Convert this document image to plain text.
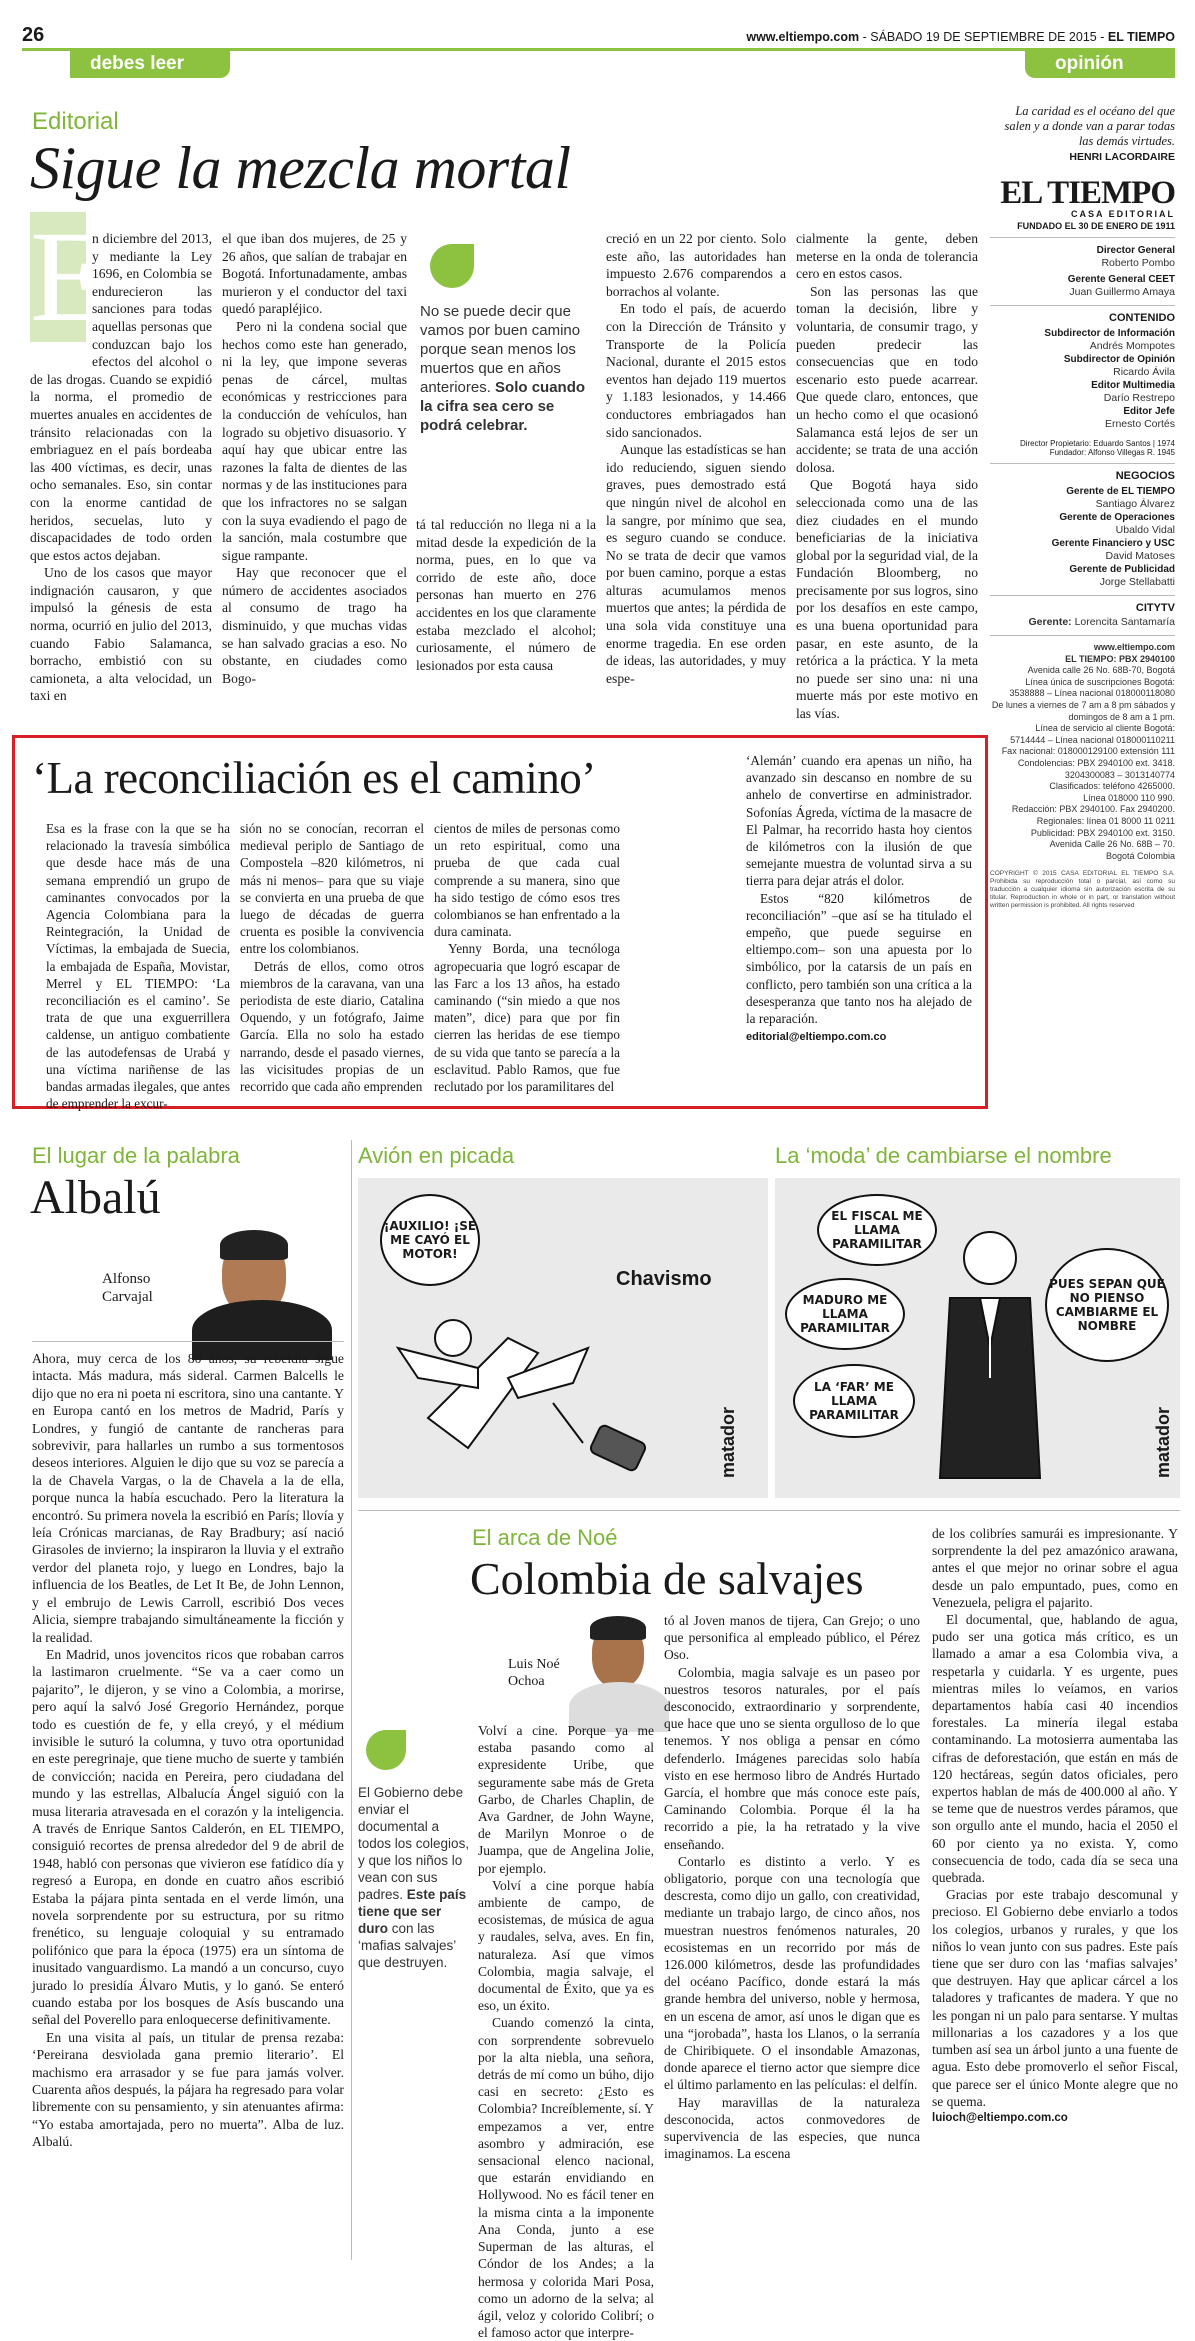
26	www.eltiempo.com - SÁBADO 19 DE SEPTIEMBRE DE 2015 - EL TIEMPO
debes leer	opinión
Editorial
Sigue la mezcla mortal
E

n diciembre del 2013, y mediante la Ley 1696, en Colombia se endurecieron las sanciones para todas aquellas personas que conduzcan bajo los efectos del alcohol o de las drogas. Cuando se expidió la norma, el promedio de muertes anuales en accidentes de tránsito relacionadas con la embriaguez en el país bordeaba las 400 víctimas, es decir, unas ocho semanales. Eso, sin contar con la enorme cantidad de heridos, secuelas, luto y discapacidades de todo orden que estos actos dejaban.

Uno de los casos que mayor indignación causaron, y que impulsó la génesis de esta norma, ocurrió en julio del 2013, cuando Fabio Salamanca, borracho, embistió con su camioneta, a alta velocidad, un taxi en

el que iban dos mujeres, de 25 y 26 años, que salían de trabajar en Bogotá. Infortunadamente, ambas murieron y el conductor del taxi quedó parapléjico.

Pero ni la condena social que hechos como este han generado, ni la ley, que impone severas penas de cárcel, multas económicas y restricciones para la conducción de vehículos, han logrado su objetivo disuasorio. Y aquí hay que ubicar entre las razones la falta de dientes de las normas y de las instituciones para que los infractores no se salgan con la suya evadiendo el pago de la sanción, mala costumbre que sigue rampante.

Hay que reconocer que el número de accidentes asociados al consumo de trago ha disminuido, y que muchas vidas se han salvado gracias a eso. No obstante, en ciudades como Bogo-

No se puede decir que vamos por buen camino porque sean menos los muertos que en años anteriores. Solo cuando la cifra sea cero se podrá celebrar.

tá tal reducción no llega ni a la mitad desde la expedición de la norma, pues, en lo que va corrido de este año, doce personas han muerto en 276 accidentes en los que claramente estaba mezclado el alcohol; curiosamente, el número de lesionados por esta causa

creció en un 22 por ciento. Solo este año, las autoridades han impuesto 2.676 comparendos a borrachos al volante.

En todo el país, de acuerdo con la Dirección de Tránsito y Transporte de la Policía Nacional, durante el 2015 estos eventos han dejado 119 muertos y 1.183 lesionados, y 14.466 conductores embriagados han sido sancionados.

Aunque las estadísticas se han ido reduciendo, siguen siendo graves, pues demostrado está que ningún nivel de alcohol en la sangre, por mínimo que sea, es seguro cuando se conduce. No se trata de decir que vamos por buen camino, porque a estas alturas acumulamos menos muertos que antes; la pérdida de una sola vida constituye una enorme tragedia. En ese orden de ideas, las autoridades, y muy espe-

cialmente la gente, deben meterse en la onda de tolerancia cero en estos casos.

Son las personas las que toman la decisión, libre y voluntaria, de consumir trago, y pueden predecir las consecuencias que en todo escenario esto puede acarrear. Que quede claro, entonces, que un hecho como el que ocasionó Salamanca está lejos de ser un accidente; se trata de una acción dolosa.

Que Bogotá haya sido seleccionada como una de las diez ciudades en el mundo beneficiarias de la iniciativa global por la seguridad vial, de la Fundación Bloomberg, no precisamente por sus logros, sino por los desafíos en este campo, es una buena oportunidad para pasar, en este asunto, de la retórica a la práctica. Y la meta no puede ser sino una: ni una muerte más por este motivo en las vías.

La caridad es el océano del que salen y a donde van a parar todas las demás virtudes.
HENRI LACORDAIRE
EL TIEMPO
CASA EDITORIAL
FUNDADO EL 30 DE ENERO DE 1911
Director General
Roberto Pombo
Gerente General CEET
Juan Guillermo Amaya
CONTENIDO
Subdirector de Información
Andrés Mompotes
Subdirector de Opinión
Ricardo Ávila
Editor Multimedia
Darío Restrepo
Editor Jefe
Ernesto Cortés
Director Propietario: Eduardo Santos | 1974
Fundador: Alfonso Villegas R. 1945
NEGOCIOS
Gerente de EL TIEMPO
Santiago Álvarez
Gerente de Operaciones
Ubaldo Vidal
Gerente Financiero y USC
David Matoses
Gerente de Publicidad
Jorge Stellabatti
CITYTV
Gerente: Lorencita Santamaría
www.eltiempo.com
EL TIEMPO: PBX 2940100
Avenida calle 26 No. 68B-70, Bogotá
Línea única de suscripciones Bogotá:
3538888 – Línea nacional 018000118080
De lunes a viernes de 7 am a 8 pm sábados y
domingos de 8 am a 1 pm.
Línea de servicio al cliente Bogotá:
5714444 – Línea nacional 018000110211
Fax nacional: 018000129100 extensión 111
Condolencias: PBX 2940100 ext. 3418.
3204300083 – 3013140774
Clasificados: teléfono 4265000.
Línea 018000 110 990.
Redacción: PBX 2940100. Fax 2940200.
Regionales: línea 01 8000 11 0211
Publicidad: PBX 2940100 ext. 3150.
Avenida Calle 26 No. 68B – 70.
Bogotá Colombia
COPYRIGHT © 2015 CASA EDITORIAL EL TIEMPO S.A. Prohibida su reproducción total o parcial, así como su traducción a cualquier idioma sin autorización escrita de su titular. Reproduction in whole or in part, or translation without written permission is prohibited. All rights reserved
‘La reconciliación es el camino’

Esa es la frase con la que se ha relacionado la travesía simbólica que desde hace más de una semana emprendió un grupo de caminantes convocados por la Agencia Colombiana para la Reintegración, la Unidad de Víctimas, la embajada de Suecia, la embajada de España, Movistar, Merrel y EL TIEMPO: ‘La reconciliación es el camino’. Se trata de que una exguerrillera caldense, un antiguo combatiente de las autodefensas de Urabá y una víctima nariñense de las bandas armadas ilegales, que antes de emprender la excur-

sión no se conocían, recorran el medieval periplo de Santiago de Compostela –820 kilómetros, ni más ni menos– para que su viaje se convierta en una prueba de que luego de décadas de guerra cruenta es posible la convivencia entre los colombianos.

Detrás de ellos, como otros miembros de la caravana, van una periodista de este diario, Catalina Oquendo, y un fotógrafo, Jaime García. Ella no solo ha estado narrando, desde el pasado viernes, las vicisitudes propias de un recorrido que cada año emprenden

cientos de miles de personas como un reto espiritual, como una prueba de que cada cual comprende a su manera, sino que ha sido testigo de cómo esos tres colombianos se han enfrentado a la dura caminata.

Yenny Borda, una tecnóloga agropecuaria que logró escapar de las Farc a los 13 años, ha estado caminando (“sin miedo a que nos maten”, dice) para que por fin cierren las heridas de ese tiempo de su vida que tanto se parecía a la esclavitud. Pablo Ramos, que fue reclutado por los paramilitares del

‘Alemán’ cuando era apenas un niño, ha avanzado sin descanso en nombre de su anhelo de convertirse en administrador. Sofonías Ágreda, víctima de la masacre de El Palmar, ha recorrido hasta hoy cientos de kilómetros con la ilusión de que semejante muestra de voluntad sirva a su tierra para dejar atrás el dolor.

Estos “820 kilómetros de reconciliación” –que así se ha titulado el empeño, que puede seguirse en eltiempo.com– son una apuesta por lo simbólico, por la catarsis de un país en conflicto, pero también son una crítica a la desesperanza que tanto nos ha alejado de la reparación.

editorial@eltiempo.com.co

El lugar de la palabra
Albalú
Alfonso
Carvajal

Ahora, muy cerca de los 80 años, su rebeldía sigue intacta. Más madura, más sideral. Carmen Balcells le dijo que no era ni poeta ni escritora, sino una cantante. Y en Europa cantó en los metros de Madrid, París y Londres, y fungió de cantante de rancheras para sobrevivir, para hallarles un rumbo a sus tormentosos deseos interiores. Alguien le dijo que su voz se parecía a la de Chavela Vargas, o la de Chavela a la de ella, porque nunca la había escuchado. Pero la literatura la encontró. Su primera novela la escribió en París; llovía y leía Crónicas marcianas, de Ray Bradbury; así nació Girasoles de invierno; la inspiraron la lluvia y el extraño verdor del planeta rojo, y luego en Londres, bajo la influencia de los Beatles, de Let It Be, de John Lennon, y el embrujo de Lewis Carroll, escribió Dos veces Alicia, siempre trabajando simultáneamente la ficción y la realidad.

En Madrid, unos jovencitos ricos que robaban carros la lastimaron cruelmente. “Se va a caer como un pajarito”, le dijeron, y se vino a Colombia, a morirse, pero aquí la salvó José Gregorio Hernández, porque todo es cuestión de fe, y ella creyó, y el médium invisible le suturó la columna, y tuvo otra oportunidad en este peregrinaje, que tiene mucho de suerte y también de convicción; nacida en Pereira, pero ciudadana del mundo y las estrellas, Albalucía Ángel siguió con la musa literaria atravesada en el corazón y la inteligencia. A través de Enrique Santos Calderón, en EL TIEMPO, consiguió recortes de prensa alrededor del 9 de abril de 1948, habló con personas que vivieron ese fatídico día y regresó a Europa, en donde en cuatro años escribió Estaba la pájara pinta sentada en el verde limón, una novela sorprendente por su estructura, por su ritmo frenético, su lenguaje coloquial y su entramado polifónico que para la época (1975) era un síntoma de inusitado vanguardismo. La mandó a un concurso, cuyo jurado lo presidía Álvaro Mutis, y lo ganó. Se enteró cuando estaba por los bosques de Asís buscando una señal del Poverello para enloquecerse definitivamente.

En una visita al país, un titular de prensa rezaba: ‘Pereirana desviolada gana premio literario’. El machismo era arrasador y se fue para jamás volver. Cuarenta años después, la pájara ha regresado para volar libremente con su pensamiento, y sin atenuantes afirma: “Yo estaba amortajada, pero no muerta”. Alba de luz. Albalú.

Avión en picada
¡AUXILIO! ¡SE ME CAYÓ EL MOTOR!
Chavismo
matador
La ‘moda’ de cambiarse el nombre
EL FISCAL ME LLAMA PARAMILITAR
MADURO ME LLAMA PARAMILITAR
LA ‘FAR’ ME LLAMA PARAMILITAR
PUES SEPAN QUE NO PIENSO CAMBIARME EL NOMBRE
matador
El arca de Noé
Colombia de salvajes
Luis Noé
Ochoa
El Gobierno debe enviar el documental a todos los colegios, y que los niños lo vean con sus padres. Este país tiene que ser duro con las ‘mafias salvajes’ que destruyen.

Volví a cine. Porque ya me estaba pasando como al expresidente Uribe, que seguramente sabe más de Greta Garbo, de Charles Chaplin, de Ava Gardner, de John Wayne, de Marilyn Monroe o de Juampa, que de Angelina Jolie, por ejemplo.

Volví a cine porque había ambiente de campo, de ecosistemas, de música de agua y raudales, selva, aves. En fin, naturaleza. Así que vimos Colombia, magia salvaje, el documental de Éxito, que ya es eso, un éxito.

Cuando comenzó la cinta, con sorprendente sobrevuelo por la alta niebla, una señora, detrás de mí como un búho, dijo casi en secreto: ¿Esto es Colombia? Increíblemente, sí. Y empezamos a ver, entre asombro y admiración, ese sensacional elenco nacional, que estarán envidiando en Hollywood. No es fácil tener en la misma cinta a la imponente Ana Conda, junto a ese Superman de las alturas, el Cóndor de los Andes; a la hermosa y colorida Mari Posa, como un adorno de la selva; al ágil, veloz y colorido Colibrí; o el famoso actor que interpre-

tó al Joven manos de tijera, Can Grejo; o uno que personifica al empleado público, el Pérez Oso.

Colombia, magia salvaje es un paseo por nuestros tesoros naturales, por el país desconocido, extraordinario y sorprendente, que hace que uno se sienta orgulloso de lo que tenemos. Y nos obliga a pensar en cómo defenderlo. Imágenes parecidas solo había visto en ese hermoso libro de Andrés Hurtado García, el hombre que más conoce este país, Caminando Colombia. Porque él la ha recorrido a pie, la ha retratado y la vive enseñando.

Contarlo es distinto a verlo. Y es obligatorio, porque con una tecnología que descresta, como dijo un gallo, con creatividad, mediante un trabajo largo, de cinco años, nos muestran nuestros fenómenos naturales, 20 ecosistemas en un recorrido por más de 126.000 kilómetros, desde las profundidades del océano Pacífico, donde estará la más grande hembra del universo, noble y hermosa, en un escena de amor, así unos le digan que es una “jorobada”, hasta los Llanos, o la serranía de Chiribiquete. O el insondable Amazonas, donde aparece el tierno actor que siempre dice el último parlamento en las películas: el delfín.

Hay maravillas de la naturaleza desconocida, actos conmovedores de supervivencia de las especies, que nunca imaginamos. La escena

de los colibríes samurái es impresionante. Y sorprendente la del pez amazónico arawana, antes el que mejor no orinar sobre el agua desde un palo empuntado, pues, como en Venezuela, peligra el pajarito.

El documental, que, hablando de agua, pudo ser una gotica más crítico, es un llamado a amar a esa Colombia viva, a respetarla y cuidarla. Y es urgente, pues mientras miles lo veíamos, en varios departamentos había casi 40 incendios forestales. La minería ilegal estaba contaminando. La motosierra aumentaba las cifras de deforestación, que están en más de 120 hectáreas, según datos oficiales, pero expertos hablan de más de 400.000 al año. Y se teme que de nuestros verdes páramos, que son orgullo ante el mundo, hacia el 2050 el 60 por ciento ya no exista. Y, como consecuencia de todo, cada día se seca una quebrada.

Gracias por este trabajo descomunal y precioso. El Gobierno debe enviarlo a todos los colegios, urbanos y rurales, y que los niños lo vean junto con sus padres. Este país tiene que ser duro con las ‘mafias salvajes’ que destruyen. Hay que aplicar cárcel a los taladores y traficantes de madera. Y que no les pongan ni un palo para sentarse. Y multas millonarias a los cazadores y a los que tumben así sea un árbol junto a una fuente de agua. Esto debe promoverlo el señor Fiscal, que parece ser el único Monte alegre que no se quema.

luioch@eltiempo.com.co
